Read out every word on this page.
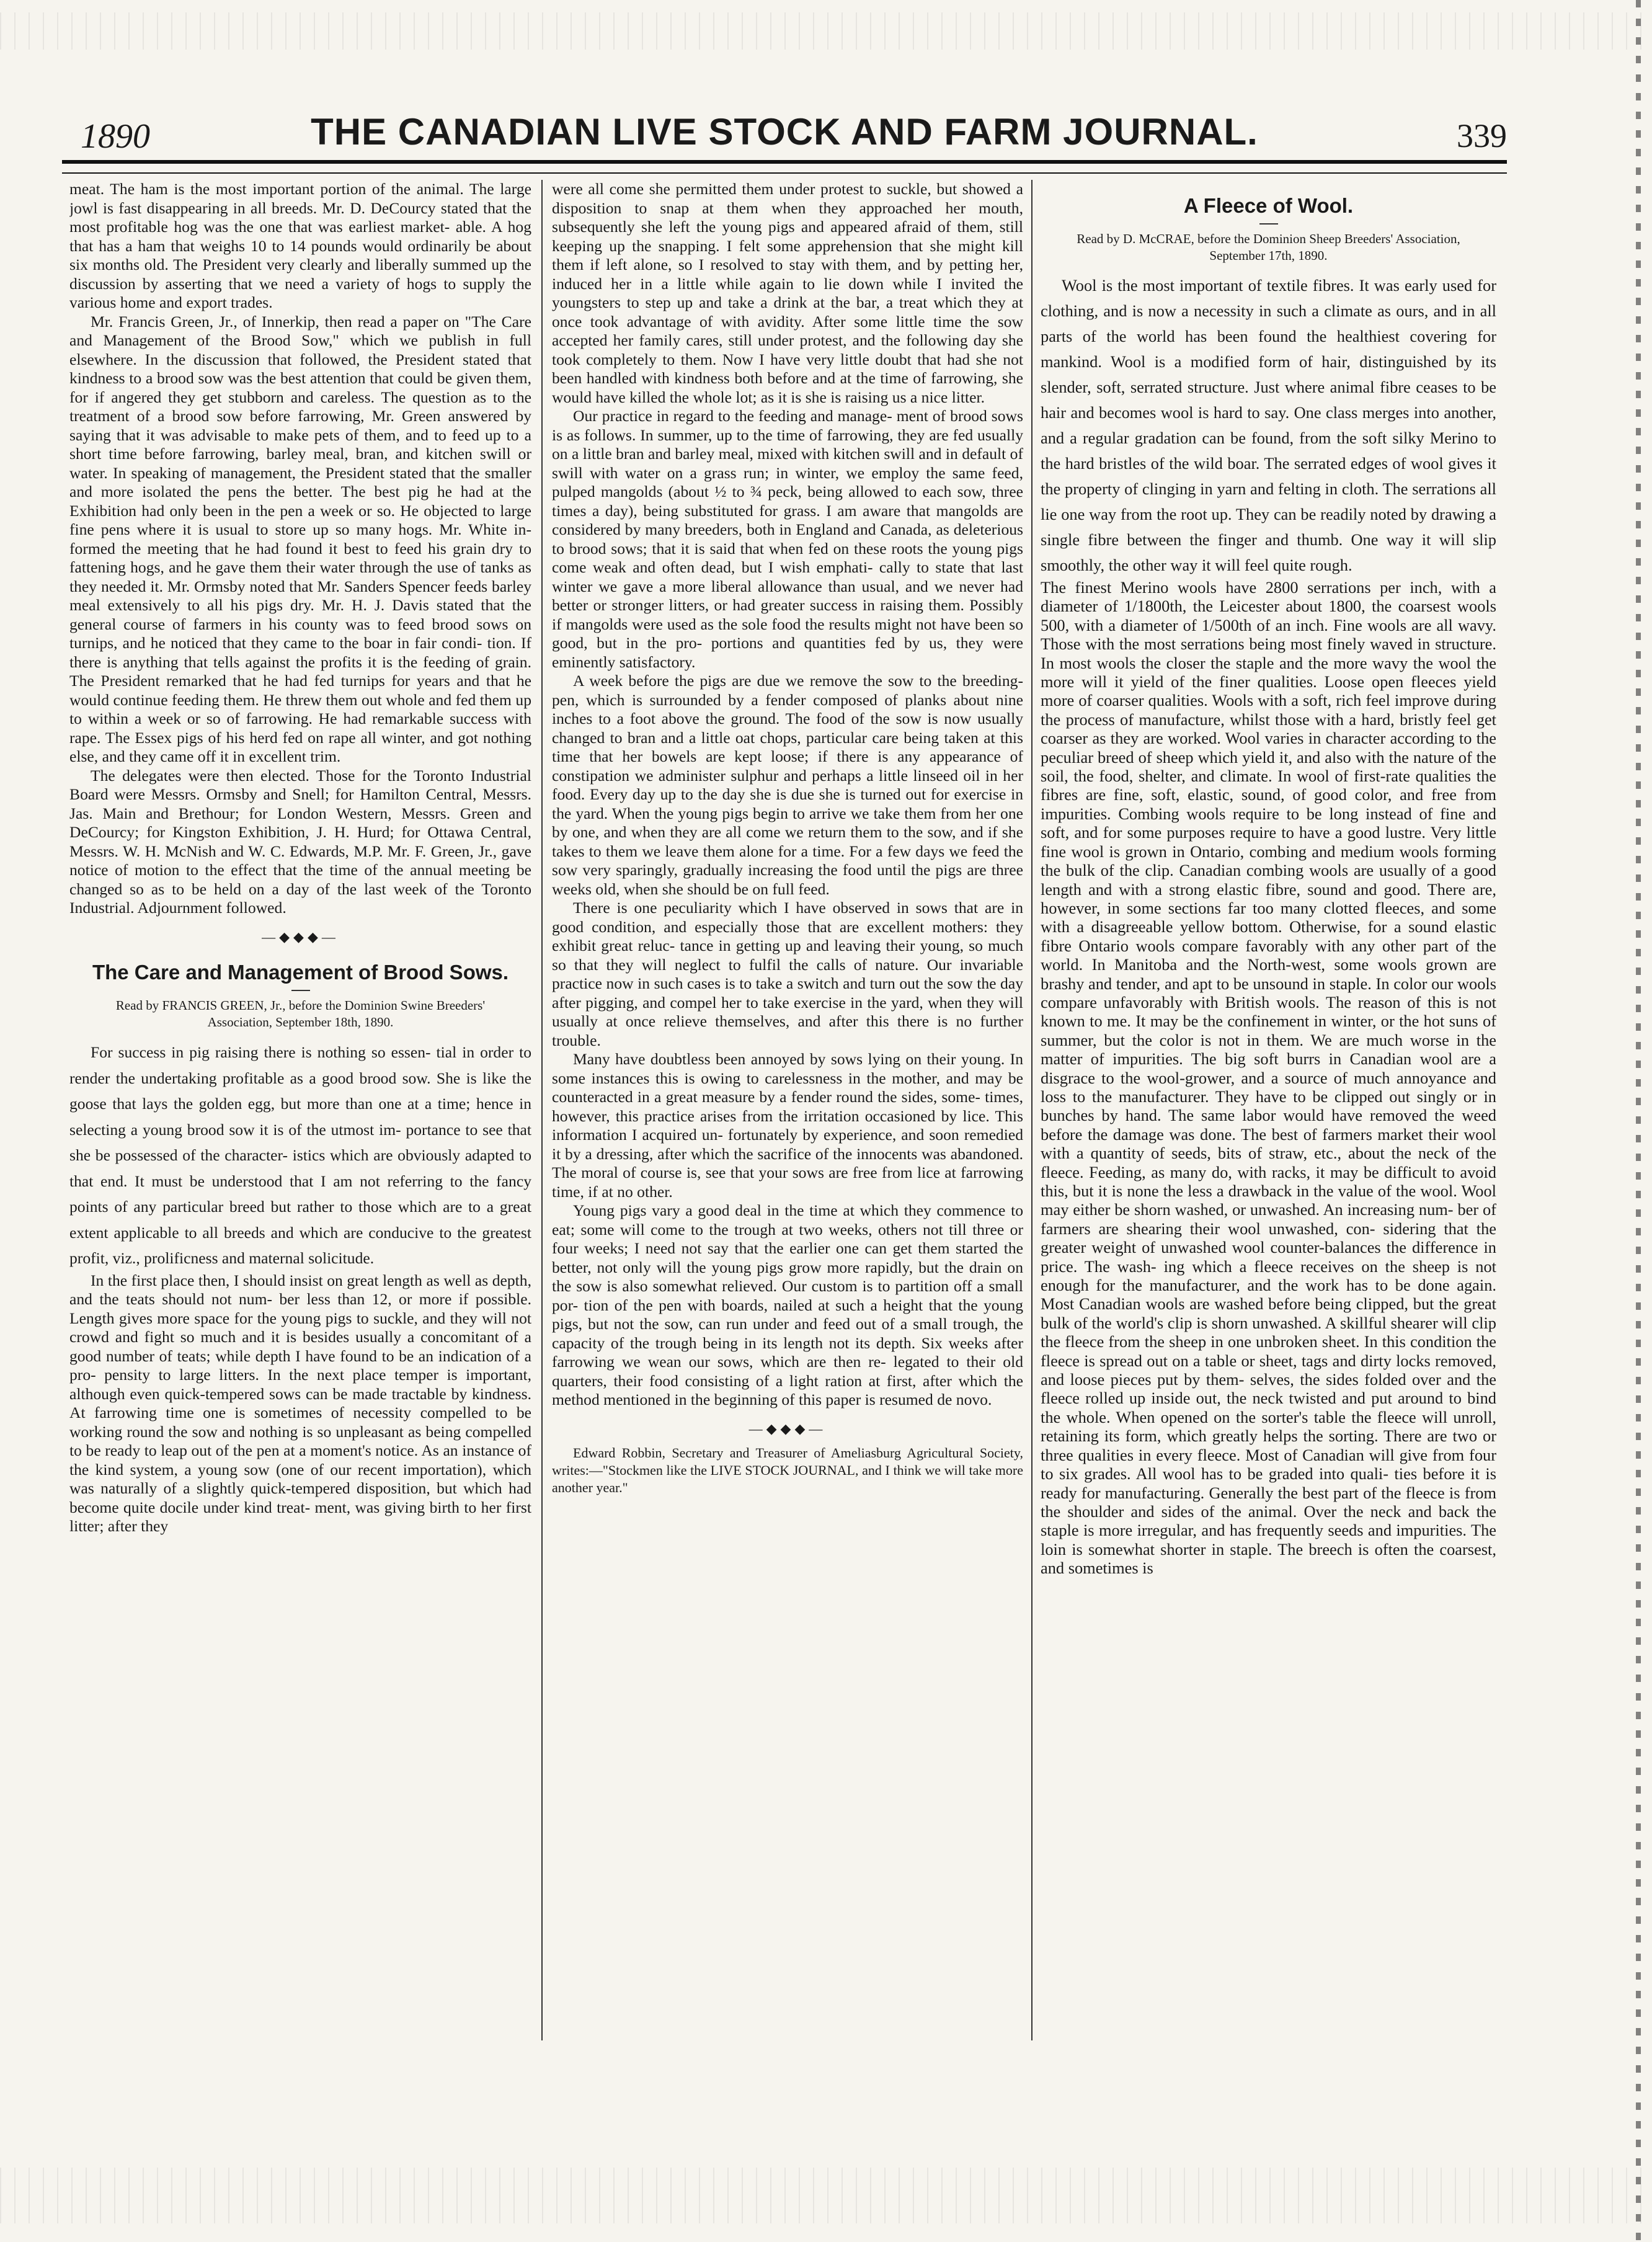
1890	THE CANADIAN LIVE STOCK AND FARM JOURNAL.	339

meat. The ham is the most important portion of the animal. The large jowl is fast disappearing in all breeds. Mr. D. DeCourcy stated that the most profitable hog was the one that was earliest market- able. A hog that has a ham that weighs 10 to 14 pounds would ordinarily be about six months old. The President very clearly and liberally summed up the discussion by asserting that we need a variety of hogs to supply the various home and export trades.

Mr. Francis Green, Jr., of Innerkip, then read a paper on "The Care and Management of the Brood Sow," which we publish in full elsewhere. In the discussion that followed, the President stated that kindness to a brood sow was the best attention that could be given them, for if angered they get stubborn and careless. The question as to the treatment of a brood sow before farrowing, Mr. Green answered by saying that it was advisable to make pets of them, and to feed up to a short time before farrowing, barley meal, bran, and kitchen swill or water. In speaking of management, the President stated that the smaller and more isolated the pens the better. The best pig he had at the Exhibition had only been in the pen a week or so. He objected to large fine pens where it is usual to store up so many hogs. Mr. White in- formed the meeting that he had found it best to feed his grain dry to fattening hogs, and he gave them their water through the use of tanks as they needed it. Mr. Ormsby noted that Mr. Sanders Spencer feeds barley meal extensively to all his pigs dry. Mr. H. J. Davis stated that the general course of farmers in his county was to feed brood sows on turnips, and he noticed that they came to the boar in fair condi- tion. If there is anything that tells against the profits it is the feeding of grain. The President remarked that he had fed turnips for years and that he would continue feeding them. He threw them out whole and fed them up to within a week or so of farrowing. He had remarkable success with rape. The Essex pigs of his herd fed on rape all winter, and got nothing else, and they came off it in excellent trim.

The delegates were then elected. Those for the Toronto Industrial Board were Messrs. Ormsby and Snell; for Hamilton Central, Messrs. Jas. Main and Brethour; for London Western, Messrs. Green and DeCourcy; for Kingston Exhibition, J. H. Hurd; for Ottawa Central, Messrs. W. H. McNish and W. C. Edwards, M.P. Mr. F. Green, Jr., gave notice of motion to the effect that the time of the annual meeting be changed so as to be held on a day of the last week of the Toronto Industrial. Adjournment followed.

—◆◆◆—
The Care and Management of Brood Sows.
Read by FRANCIS GREEN, Jr., before the Dominion Swine Breeders' Association, September 18th, 1890.

For success in pig raising there is nothing so essen- tial in order to render the undertaking profitable as a good brood sow. She is like the goose that lays the golden egg, but more than one at a time; hence in selecting a young brood sow it is of the utmost im- portance to see that she be possessed of the character- istics which are obviously adapted to that end. It must be understood that I am not referring to the fancy points of any particular breed but rather to those which are to a great extent applicable to all breeds and which are conducive to the greatest profit, viz., prolificness and maternal solicitude.

In the first place then, I should insist on great length as well as depth, and the teats should not num- ber less than 12, or more if possible. Length gives more space for the young pigs to suckle, and they will not crowd and fight so much and it is besides usually a concomitant of a good number of teats; while depth I have found to be an indication of a pro- pensity to large litters. In the next place temper is important, although even quick-tempered sows can be made tractable by kindness. At farrowing time one is sometimes of necessity compelled to be working round the sow and nothing is so unpleasant as being compelled to be ready to leap out of the pen at a moment's notice. As an instance of the kind system, a young sow (one of our recent importation), which was naturally of a slightly quick-tempered disposition, but which had become quite docile under kind treat- ment, was giving birth to her first litter; after they

were all come she permitted them under protest to suckle, but showed a disposition to snap at them when they approached her mouth, subsequently she left the young pigs and appeared afraid of them, still keeping up the snapping. I felt some apprehension that she might kill them if left alone, so I resolved to stay with them, and by petting her, induced her in a little while again to lie down while I invited the youngsters to step up and take a drink at the bar, a treat which they at once took advantage of with avidity. After some little time the sow accepted her family cares, still under protest, and the following day she took completely to them. Now I have very little doubt that had she not been handled with kindness both before and at the time of farrowing, she would have killed the whole lot; as it is she is raising us a nice litter.

Our practice in regard to the feeding and manage- ment of brood sows is as follows. In summer, up to the time of farrowing, they are fed usually on a little bran and barley meal, mixed with kitchen swill and in default of swill with water on a grass run; in winter, we employ the same feed, pulped mangolds (about ½ to ¾ peck, being allowed to each sow, three times a day), being substituted for grass. I am aware that mangolds are considered by many breeders, both in England and Canada, as deleterious to brood sows; that it is said that when fed on these roots the young pigs come weak and often dead, but I wish emphati- cally to state that last winter we gave a more liberal allowance than usual, and we never had better or stronger litters, or had greater success in raising them. Possibly if mangolds were used as the sole food the results might not have been so good, but in the pro- portions and quantities fed by us, they were eminently satisfactory.

A week before the pigs are due we remove the sow to the breeding-pen, which is surrounded by a fender composed of planks about nine inches to a foot above the ground. The food of the sow is now usually changed to bran and a little oat chops, particular care being taken at this time that her bowels are kept loose; if there is any appearance of constipation we administer sulphur and perhaps a little linseed oil in her food. Every day up to the day she is due she is turned out for exercise in the yard. When the young pigs begin to arrive we take them from her one by one, and when they are all come we return them to the sow, and if she takes to them we leave them alone for a time. For a few days we feed the sow very sparingly, gradually increasing the food until the pigs are three weeks old, when she should be on full feed.

There is one peculiarity which I have observed in sows that are in good condition, and especially those that are excellent mothers: they exhibit great reluc- tance in getting up and leaving their young, so much so that they will neglect to fulfil the calls of nature. Our invariable practice now in such cases is to take a switch and turn out the sow the day after pigging, and compel her to take exercise in the yard, when they will usually at once relieve themselves, and after this there is no further trouble.

Many have doubtless been annoyed by sows lying on their young. In some instances this is owing to carelessness in the mother, and may be counteracted in a great measure by a fender round the sides, some- times, however, this practice arises from the irritation occasioned by lice. This information I acquired un- fortunately by experience, and soon remedied it by a dressing, after which the sacrifice of the innocents was abandoned. The moral of course is, see that your sows are free from lice at farrowing time, if at no other.

Young pigs vary a good deal in the time at which they commence to eat; some will come to the trough at two weeks, others not till three or four weeks; I need not say that the earlier one can get them started the better, not only will the young pigs grow more rapidly, but the drain on the sow is also somewhat relieved. Our custom is to partition off a small por- tion of the pen with boards, nailed at such a height that the young pigs, but not the sow, can run under and feed out of a small trough, the capacity of the trough being in its length not its depth. Six weeks after farrowing we wean our sows, which are then re- legated to their old quarters, their food consisting of a light ration at first, after which the method mentioned in the beginning of this paper is resumed de novo.

—◆◆◆—

Edward Robbin, Secretary and Treasurer of Ameliasburg Agricultural Society, writes:—"Stockmen like the LIVE STOCK JOURNAL, and I think we will take more another year."

A Fleece of Wool.
Read by D. McCRAE, before the Dominion Sheep Breeders' Association, September 17th, 1890.

Wool is the most important of textile fibres. It was early used for clothing, and is now a necessity in such a climate as ours, and in all parts of the world has been found the healthiest covering for mankind. Wool is a modified form of hair, distinguished by its slender, soft, serrated structure. Just where animal fibre ceases to be hair and becomes wool is hard to say. One class merges into another, and a regular gradation can be found, from the soft silky Merino to the hard bristles of the wild boar. The serrated edges of wool gives it the property of clinging in yarn and felting in cloth. The serrations all lie one way from the root up. They can be readily noted by drawing a single fibre between the finger and thumb. One way it will slip smoothly, the other way it will feel quite rough.

The finest Merino wools have 2800 serrations per inch, with a diameter of 1/1800th, the Leicester about 1800, the coarsest wools 500, with a diameter of 1/500th of an inch. Fine wools are all wavy. Those with the most serrations being most finely waved in structure. In most wools the closer the staple and the more wavy the wool the more will it yield of the finer qualities. Loose open fleeces yield more of coarser qualities. Wools with a soft, rich feel improve during the process of manufacture, whilst those with a hard, bristly feel get coarser as they are worked. Wool varies in character according to the peculiar breed of sheep which yield it, and also with the nature of the soil, the food, shelter, and climate. In wool of first-rate qualities the fibres are fine, soft, elastic, sound, of good color, and free from impurities. Combing wools require to be long instead of fine and soft, and for some purposes require to have a good lustre. Very little fine wool is grown in Ontario, combing and medium wools forming the bulk of the clip. Canadian combing wools are usually of a good length and with a strong elastic fibre, sound and good. There are, however, in some sections far too many clotted fleeces, and some with a disagreeable yellow bottom. Otherwise, for a sound elastic fibre Ontario wools compare favorably with any other part of the world. In Manitoba and the North-west, some wools grown are brashy and tender, and apt to be unsound in staple. In color our wools compare unfavorably with British wools. The reason of this is not known to me. It may be the confinement in winter, or the hot suns of summer, but the color is not in them. We are much worse in the matter of impurities. The big soft burrs in Canadian wool are a disgrace to the wool-grower, and a source of much annoyance and loss to the manufacturer. They have to be clipped out singly or in bunches by hand. The same labor would have removed the weed before the damage was done. The best of farmers market their wool with a quantity of seeds, bits of straw, etc., about the neck of the fleece. Feeding, as many do, with racks, it may be difficult to avoid this, but it is none the less a drawback in the value of the wool. Wool may either be shorn washed, or unwashed. An increasing num- ber of farmers are shearing their wool unwashed, con- sidering that the greater weight of unwashed wool counter-balances the difference in price. The wash- ing which a fleece receives on the sheep is not enough for the manufacturer, and the work has to be done again. Most Canadian wools are washed before being clipped, but the great bulk of the world's clip is shorn unwashed. A skillful shearer will clip the fleece from the sheep in one unbroken sheet. In this condition the fleece is spread out on a table or sheet, tags and dirty locks removed, and loose pieces put by them- selves, the sides folded over and the fleece rolled up inside out, the neck twisted and put around to bind the whole. When opened on the sorter's table the fleece will unroll, retaining its form, which greatly helps the sorting. There are two or three qualities in every fleece. Most of Canadian will give from four to six grades. All wool has to be graded into quali- ties before it is ready for manufacturing. Generally the best part of the fleece is from the shoulder and sides of the animal. Over the neck and back the staple is more irregular, and has frequently seeds and impurities. The loin is somewhat shorter in staple. The breech is often the coarsest, and sometimes is
